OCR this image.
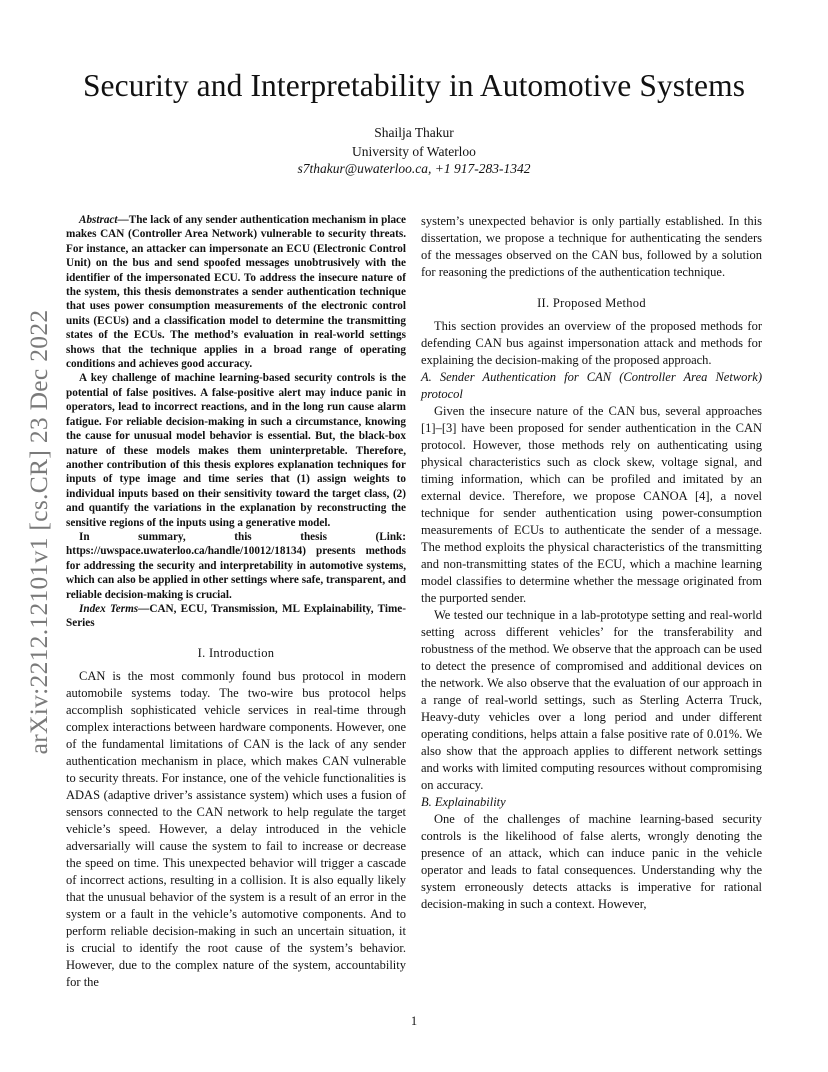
Security and Interpretability in Automotive Systems
Shailja Thakur
University of Waterloo
s7thakur@uwaterloo.ca, +1 917-283-1342
arXiv:2212.12101v1 [cs.CR] 23 Dec 2022

Abstract—The lack of any sender authentication mechanism in place makes CAN (Controller Area Network) vulnerable to security threats. For instance, an attacker can impersonate an ECU (Electronic Control Unit) on the bus and send spoofed messages unobtrusively with the identifier of the impersonated ECU. To address the insecure nature of the system, this thesis demonstrates a sender authentication technique that uses power consumption measurements of the electronic control units (ECUs) and a classification model to determine the transmitting states of the ECUs. The method’s evaluation in real-world settings shows that the technique applies in a broad range of operating conditions and achieves good accuracy.

A key challenge of machine learning-based security controls is the potential of false positives. A false-positive alert may induce panic in operators, lead to incorrect reactions, and in the long run cause alarm fatigue. For reliable decision-making in such a circumstance, knowing the cause for unusual model behavior is essential. But, the black-box nature of these models makes them uninterpretable. Therefore, another contribution of this thesis explores explanation techniques for inputs of type image and time series that (1) assign weights to individual inputs based on their sensitivity toward the target class, (2) and quantify the variations in the explanation by reconstructing the sensitive regions of the inputs using a generative model.

In summary, this thesis (Link: https://uwspace.uwaterloo.ca/handle/10012/18134) presents methods for addressing the security and interpretability in automotive systems, which can also be applied in other settings where safe, transparent, and reliable decision-making is crucial.

Index Terms—CAN, ECU, Transmission, ML Explainability, Time-Series

I. Introduction

CAN is the most commonly found bus protocol in modern automobile systems today. The two-wire bus protocol helps accomplish sophisticated vehicle services in real-time through complex interactions between hardware components. However, one of the fundamental limitations of CAN is the lack of any sender authentication mechanism in place, which makes CAN vulnerable to security threats. For instance, one of the vehicle functionalities is ADAS (adaptive driver’s assistance system) which uses a fusion of sensors connected to the CAN network to help regulate the target vehicle’s speed. However, a delay introduced in the vehicle adversarially will cause the system to fail to increase or decrease the speed on time. This unexpected behavior will trigger a cascade of incorrect actions, resulting in a collision. It is also equally likely that the unusual behavior of the system is a result of an error in the system or a fault in the vehicle’s automotive components. And to perform reliable decision-making in such an uncertain situation, it is crucial to identify the root cause of the system’s behavior. However, due to the complex nature of the system, accountability for the

system’s unexpected behavior is only partially established. In this dissertation, we propose a technique for authenticating the senders of the messages observed on the CAN bus, followed by a solution for reasoning the predictions of the authentication technique.

II. Proposed Method

This section provides an overview of the proposed methods for defending CAN bus against impersonation attack and methods for explaining the decision-making of the proposed approach.

A. Sender Authentication for CAN (Controller Area Network) protocol

Given the insecure nature of the CAN bus, several approaches [1]–[3] have been proposed for sender authentication in the CAN protocol. However, those methods rely on authenticating using physical characteristics such as clock skew, voltage signal, and timing information, which can be profiled and imitated by an external device. Therefore, we propose CANOA [4], a novel technique for sender authentication using power-consumption measurements of ECUs to authenticate the sender of a message. The method exploits the physical characteristics of the transmitting and non-transmitting states of the ECU, which a machine learning model classifies to determine whether the message originated from the purported sender.

We tested our technique in a lab-prototype setting and real-world setting across different vehicles’ for the transferability and robustness of the method. We observe that the approach can be used to detect the presence of compromised and additional devices on the network. We also observe that the evaluation of our approach in a range of real-world settings, such as Sterling Acterra Truck, Heavy-duty vehicles over a long period and under different operating conditions, helps attain a false positive rate of 0.01%. We also show that the approach applies to different network settings and works with limited computing resources without compromising on accuracy.

B. Explainability

One of the challenges of machine learning-based security controls is the likelihood of false alerts, wrongly denoting the presence of an attack, which can induce panic in the vehicle operator and leads to fatal consequences. Understanding why the system erroneously detects attacks is imperative for rational decision-making in such a context. However,

1
